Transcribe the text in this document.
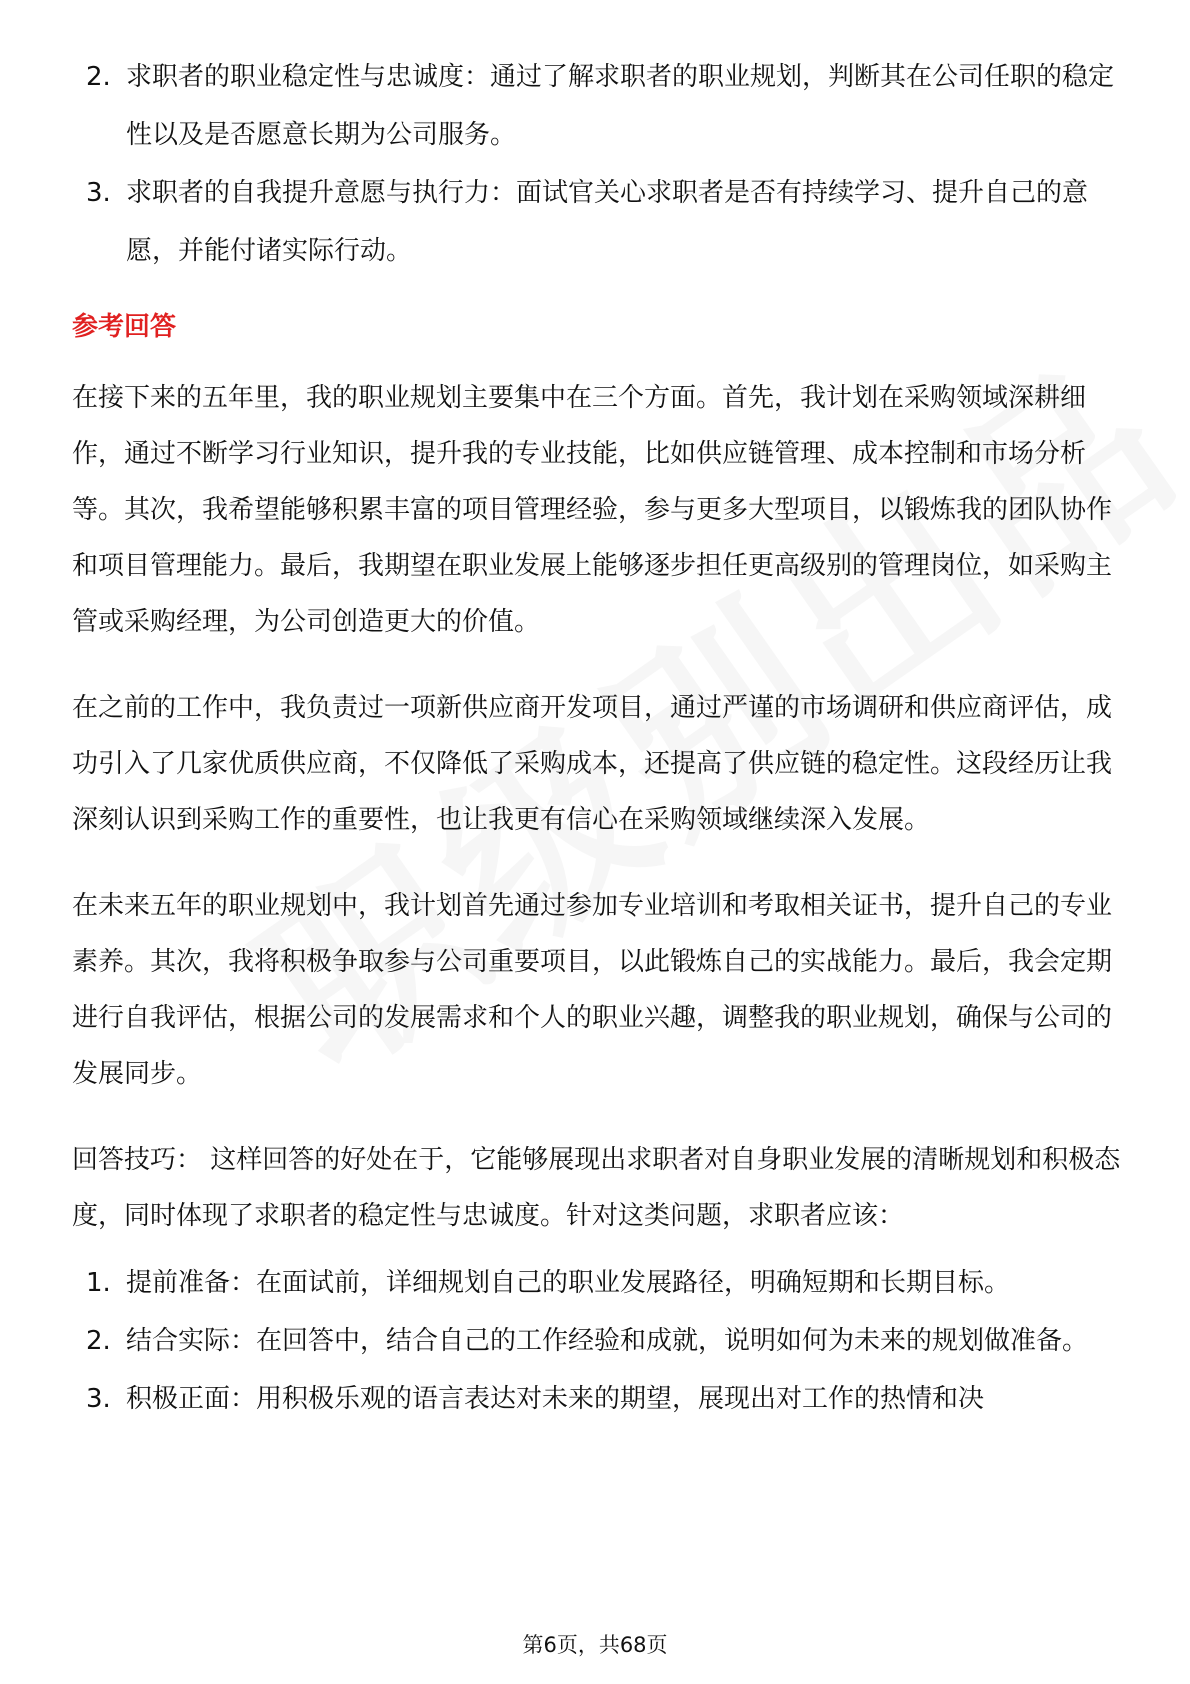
2. 求职者的职业稳定性与忠诚度：通过了解求职者的职业规划，判断其在公司任职的稳定性以及是否愿意长期为公司服务。
3. 求职者的自我提升意愿与执行力：面试官关心求职者是否有持续学习、提升自己的意愿，并能付诸实际行动。
参考回答

在接下来的五年里，我的职业规划主要集中在三个方面。首先，我计划在采购领域深耕细作，通过不断学习行业知识，提升我的专业技能，比如供应链管理、成本控制和市场分析等。其次，我希望能够积累丰富的项目管理经验，参与更多大型项目，以锻炼我的团队协作和项目管理能力。最后，我期望在职业发展上能够逐步担任更高级别的管理岗位，如采购主管或采购经理，为公司创造更大的价值。

在之前的工作中，我负责过一项新供应商开发项目，通过严谨的市场调研和供应商评估，成功引入了几家优质供应商，不仅降低了采购成本，还提高了供应链的稳定性。这段经历让我深刻认识到采购工作的重要性，也让我更有信心在采购领域继续深入发展。

在未来五年的职业规划中，我计划首先通过参加专业培训和考取相关证书，提升自己的专业素养。其次，我将积极争取参与公司重要项目，以此锻炼自己的实战能力。最后，我会定期进行自我评估，根据公司的发展需求和个人的职业兴趣，调整我的职业规划，确保与公司的发展同步。

回答技巧： 这样回答的好处在于，它能够展现出求职者对自身职业发展的清晰规划和积极态度，同时体现了求职者的稳定性与忠诚度。针对这类问题，求职者应该：

1. 提前准备：在面试前，详细规划自己的职业发展路径，明确短期和长期目标。
2. 结合实际：在回答中，结合自己的工作经验和成就，说明如何为未来的规划做准备。
3. 积极正面：用积极乐观的语言表达对未来的期望，展现出对工作的热情和决
第6页，共68页
